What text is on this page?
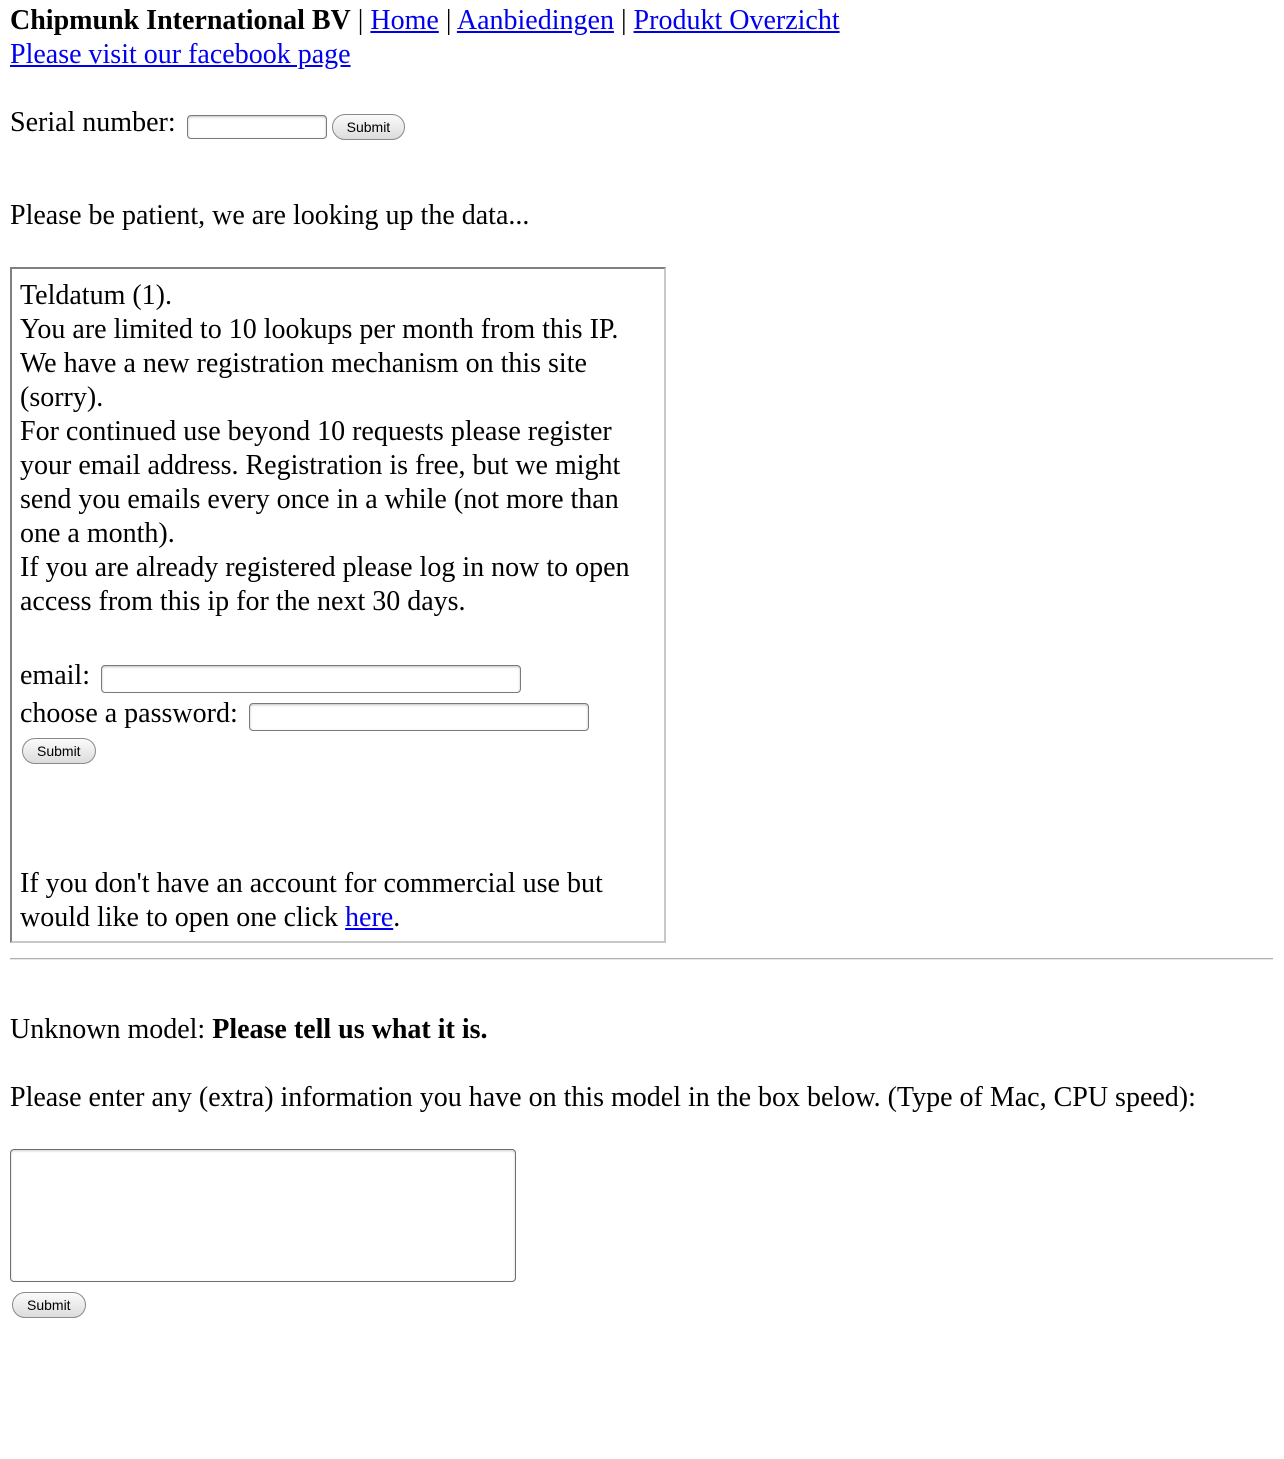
Chipmunk International BV | Home | Aanbiedingen | Produkt Overzicht
Please visit our facebook page
Serial number:	Submit
Please be patient, we are looking up the data...

Teldatum (1).

You are limited to 10 lookups per month from this IP.

We have a new registration mechanism on this site (sorry).

For continued use beyond 10 requests please register your email address. Registration is free, but we might send you emails every once in a while (not more than one a month).

If you are already registered please log in now to open access from this ip for the next 30 days.

email:
choose a password:
Submit

If you don't have an account for commercial use but would like to open one click here.

Unknown model: Please tell us what it is.
Please enter any (extra) information you have on this model in the box below. (Type of Mac, CPU speed):
Submit
